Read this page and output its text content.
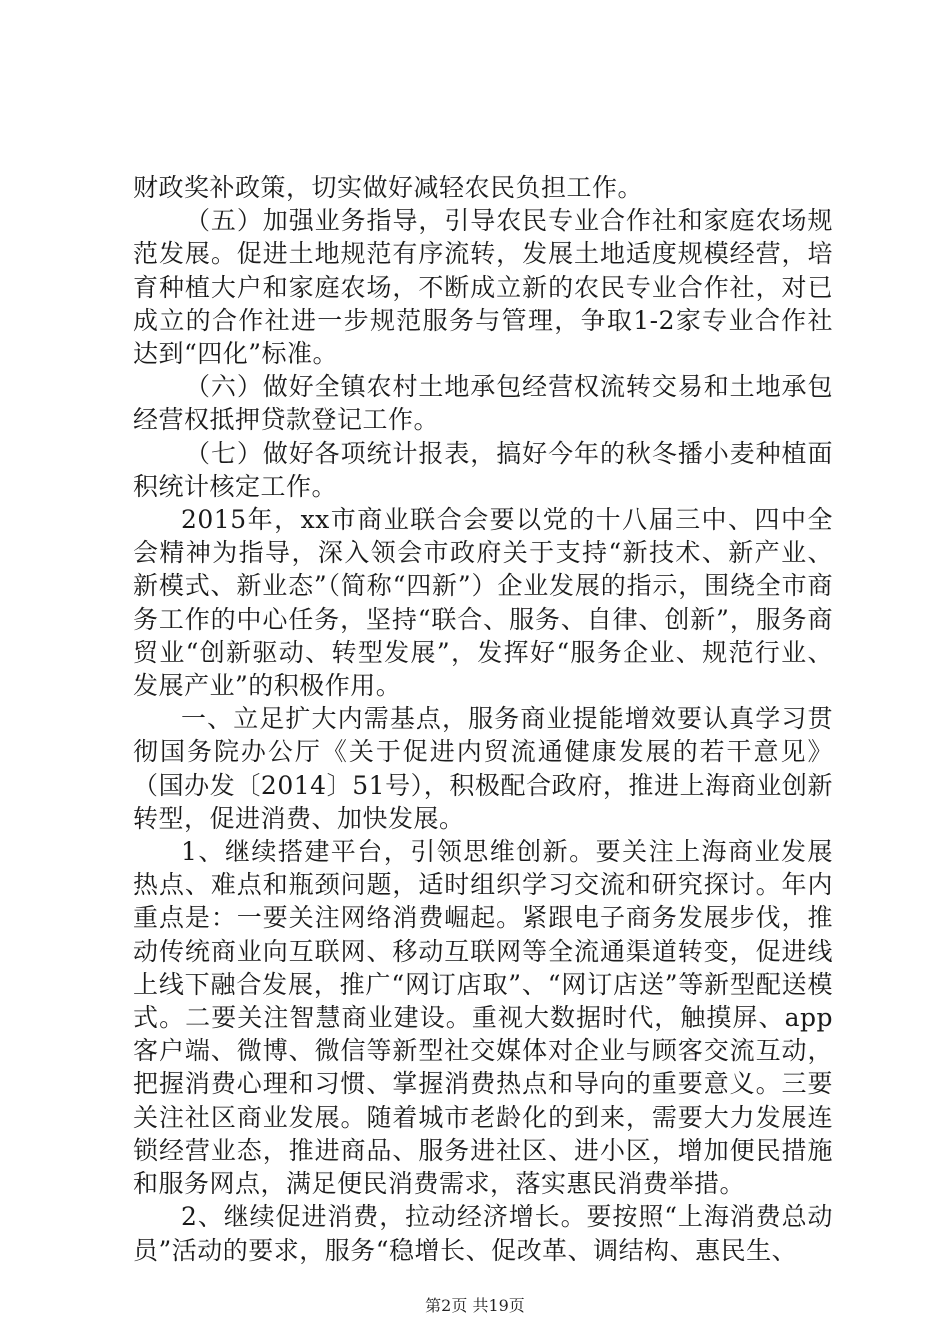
财政奖补政策，切实做好减轻农民负担工作。

（五）加强业务指导，引导农民专业合作社和家庭农场规范发展。促进土地规范有序流转，发展土地适度规模经营，培育种植大户和家庭农场，不断成立新的农民专业合作社，对已成立的合作社进一步规范服务与管理，争取1-2家专业合作社达到“四化”标准。

（六）做好全镇农村土地承包经营权流转交易和土地承包经营权抵押贷款登记工作。

（七）做好各项统计报表，搞好今年的秋冬播小麦种植面积统计核定工作。

2015年，xx市商业联合会要以党的十八届三中、四中全会精神为指导，深入领会市政府关于支持“新技术、新产业、新模式、新业态”（简称“四新”）企业发展的指示，围绕全市商务工作的中心任务，坚持“联合、服务、自律、创新”，服务商贸业“创新驱动、转型发展”，发挥好“服务企业、规范行业、发展产业”的积极作用。

一、立足扩大内需基点，服务商业提能增效要认真学习贯彻国务院办公厅《关于促进内贸流通健康发展的若干意见》（国办发〔2014〕51号），积极配合政府，推进上海商业创新转型，促进消费、加快发展。

1、继续搭建平台，引领思维创新。要关注上海商业发展热点、难点和瓶颈问题，适时组织学习交流和研究探讨。年内重点是：一要关注网络消费崛起。紧跟电子商务发展步伐，推动传统商业向互联网、移动互联网等全流通渠道转变，促进线上线下融合发展，推广“网订店取”、“网订店送”等新型配送模式。二要关注智慧商业建设。重视大数据时代，触摸屏、app客户端、微博、微信等新型社交媒体对企业与顾客交流互动，把握消费心理和习惯、掌握消费热点和导向的重要意义。三要关注社区商业发展。随着城市老龄化的到来，需要大力发展连锁经营业态，推进商品、服务进社区、进小区，增加便民措施和服务网点，满足便民消费需求，落实惠民消费举措。

2、继续促进消费，拉动经济增长。要按照“上海消费总动员”活动的要求，服务“稳增长、促改革、调结构、惠民生、

第2页 共19页
